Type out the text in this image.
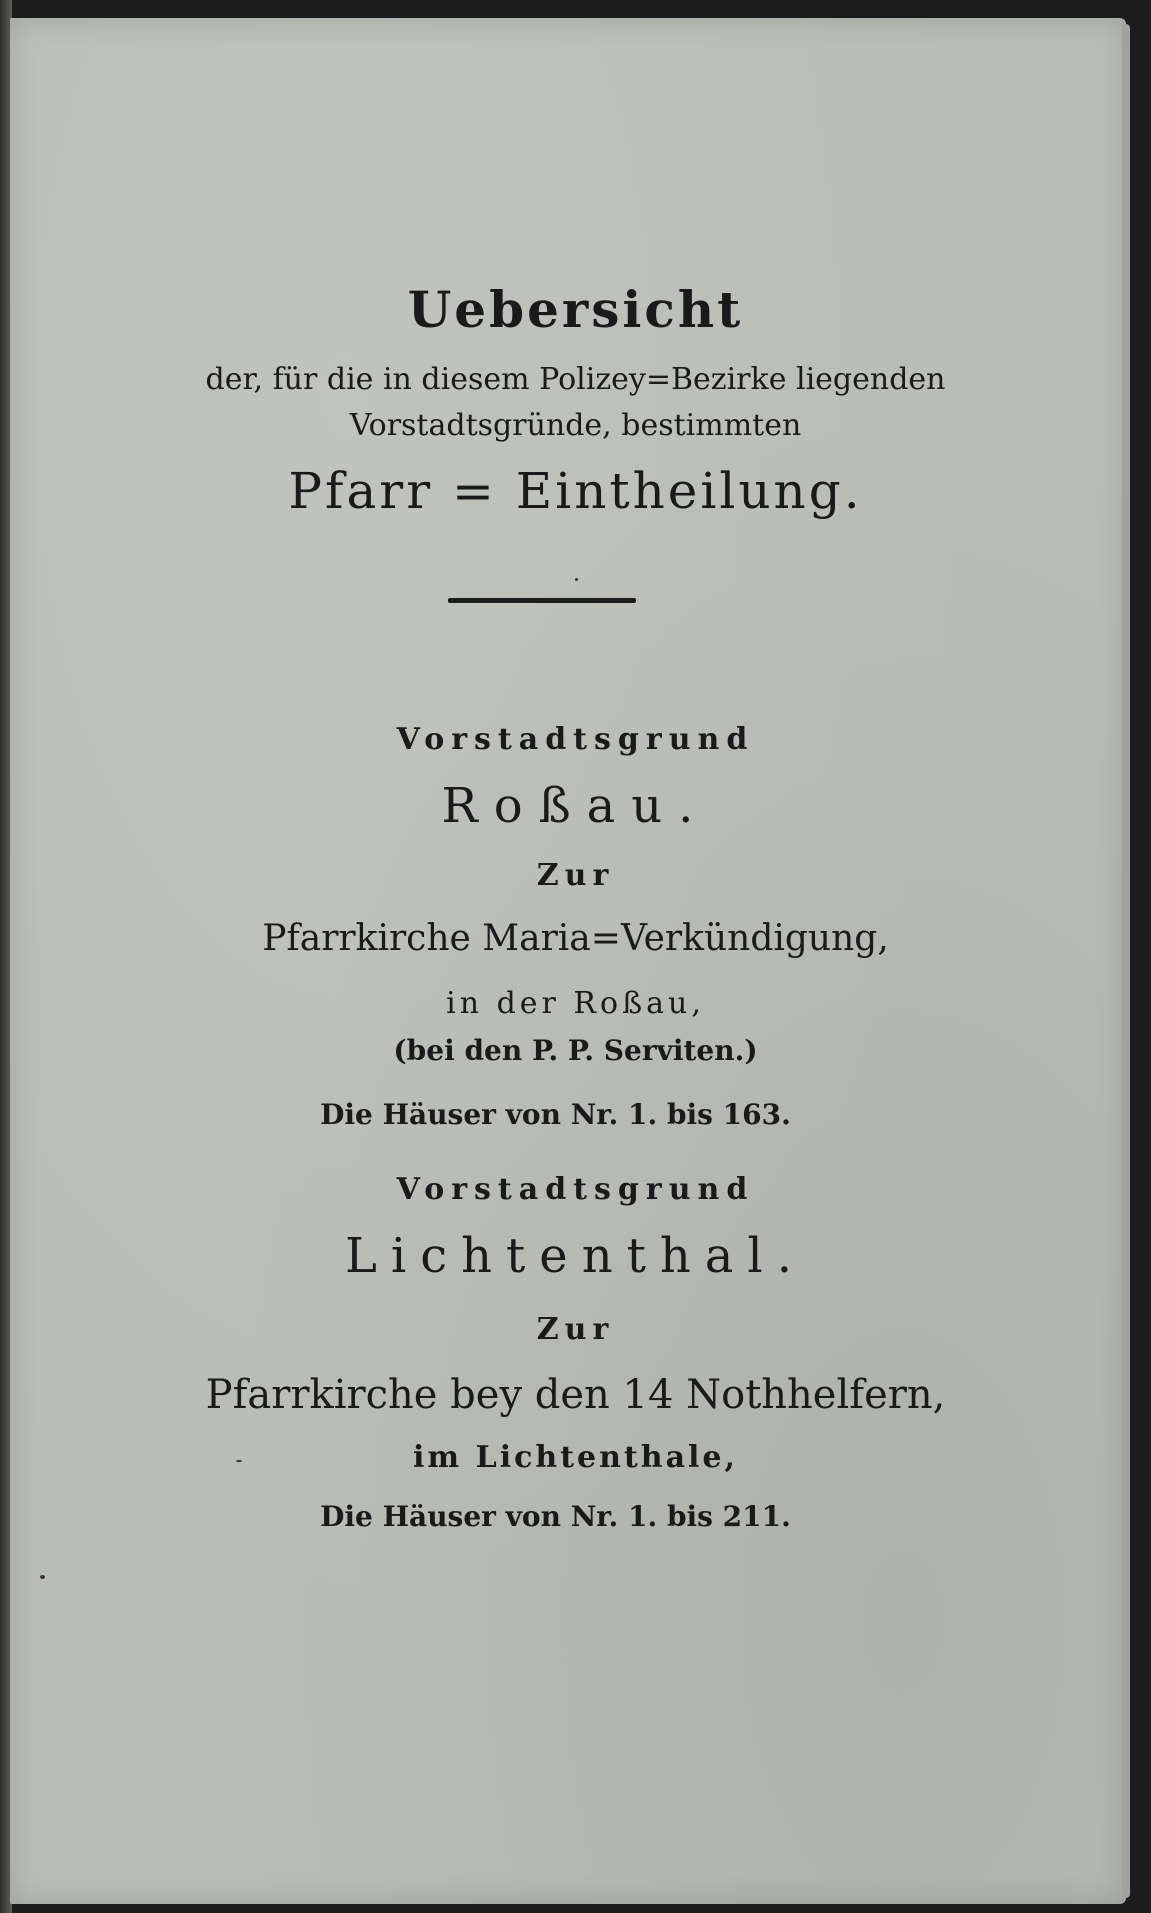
Uebersicht
der, für die in diesem Polizey=Bezirke liegenden
Vorstadtsgründe, bestimmten
Pfarr = Eintheilung.
Vorstadtsgrund
Roßau.
Zur
Pfarrkirche Maria=Verkündigung,
in der Roßau,
(bei den P. P. Serviten.)
Die Häuser von Nr. 1. bis 163.
Vorstadtsgrund
Lichtenthal.
Zur
Pfarrkirche bey den 14 Nothhelfern,
im Lichtenthale,
Die Häuser von Nr. 1. bis 211.
